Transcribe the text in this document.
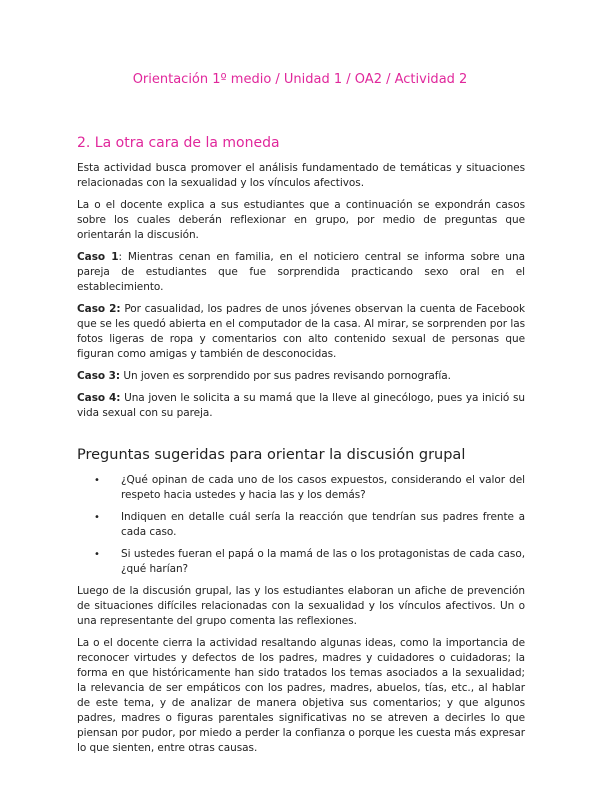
Orientación 1º medio / Unidad 1 / OA2 / Actividad 2
2. La otra cara de la moneda

Esta actividad busca promover el análisis fundamentado de temáticas y situaciones relacionadas con la sexualidad y los vínculos afectivos.

La o el docente explica a sus estudiantes que a continuación se expondrán casos sobre los cuales deberán reflexionar en grupo, por medio de preguntas que orientarán la discusión.

Caso 1: Mientras cenan en familia, en el noticiero central se informa sobre una pareja de estudiantes que fue sorprendida practicando sexo oral en el establecimiento.

Caso 2: Por casualidad, los padres de unos jóvenes observan la cuenta de Facebook que se les quedó abierta en el computador de la casa. Al mirar, se sorprenden por las fotos ligeras de ropa y comentarios con alto contenido sexual de personas que figuran como amigas y también de desconocidas.

Caso 3: Un joven es sorprendido por sus padres revisando pornografía.

Caso 4: Una joven le solicita a su mamá que la lleve al ginecólogo, pues ya inició su vida sexual con su pareja.

Preguntas sugeridas para orientar la discusión grupal
• ¿Qué opinan de cada uno de los casos expuestos, considerando el valor del respeto hacia ustedes y hacia las y los demás?
• Indiquen en detalle cuál sería la reacción que tendrían sus padres frente a cada caso.
• Si ustedes fueran el papá o la mamá de las o los protagonistas de cada caso, ¿qué harían?

Luego de la discusión grupal, las y los estudiantes elaboran un afiche de prevención de situaciones difíciles relacionadas con la sexualidad y los vínculos afectivos. Un o una representante del grupo comenta las reflexiones.

La o el docente cierra la actividad resaltando algunas ideas, como la importancia de reconocer virtudes y defectos de los padres, madres y cuidadores o cuidadoras; la forma en que históricamente han sido tratados los temas asociados a la sexualidad; la relevancia de ser empáticos con los padres, madres, abuelos, tías, etc., al hablar de este tema, y de analizar de manera objetiva sus comentarios; y que algunos padres, madres o figuras parentales significativas no se atreven a decirles lo que piensan por pudor, por miedo a perder la confianza o porque les cuesta más expresar lo que sienten, entre otras causas.
